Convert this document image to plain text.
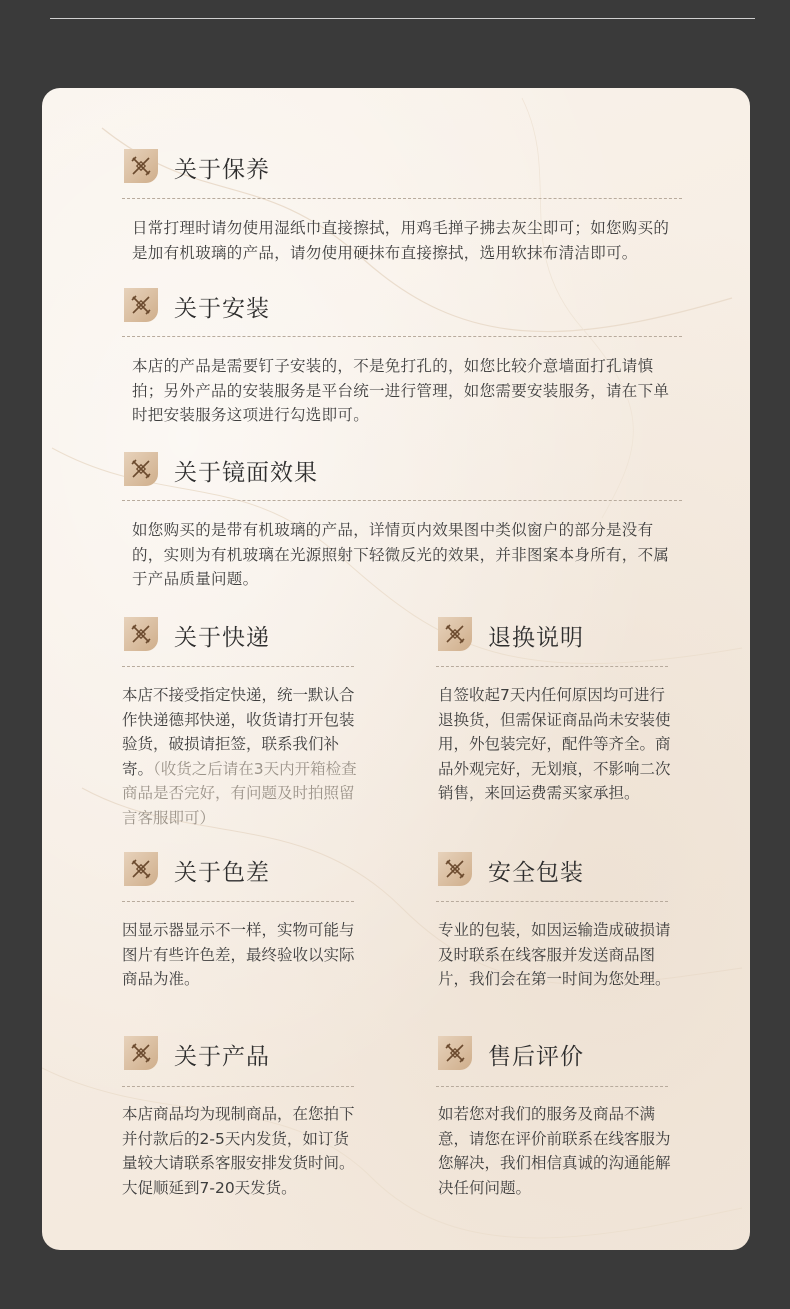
关于保养
日常打理时请勿使用湿纸巾直接擦拭，用鸡毛掸子拂去灰尘即可；如您购买的是加有机玻璃的产品，请勿使用硬抹布直接擦拭，选用软抹布清洁即可。
关于安装
本店的产品是需要钉子安装的，不是免打孔的，如您比较介意墙面打孔请慎拍；另外产品的安装服务是平台统一进行管理，如您需要安装服务，请在下单时把安装服务这项进行勾选即可。
关于镜面效果
如您购买的是带有机玻璃的产品，详情页内效果图中类似窗户的部分是没有的，实则为有机玻璃在光源照射下轻微反光的效果，并非图案本身所有，不属于产品质量问题。
关于快递
本店不接受指定快递，统一默认合作快递德邦快递，收货请打开包装验货，破损请拒签，联系我们补寄。（收货之后请在3天内开箱检查商品是否完好，有问题及时拍照留言客服即可）
退换说明
自签收起7天内任何原因均可进行退换货，但需保证商品尚未安装使用，外包装完好，配件等齐全。商品外观完好，无划痕，不影响二次销售，来回运费需买家承担。
关于色差
因显示器显示不一样，实物可能与图片有些许色差，最终验收以实际商品为准。
安全包装
专业的包装，如因运输造成破损请及时联系在线客服并发送商品图片，我们会在第一时间为您处理。
关于产品
本店商品均为现制商品，在您拍下并付款后的2-5天内发货，如订货量较大请联系客服安排发货时间。大促顺延到7-20天发货。
售后评价
如若您对我们的服务及商品不满意，请您在评价前联系在线客服为您解决，我们相信真诚的沟通能解决任何问题。
